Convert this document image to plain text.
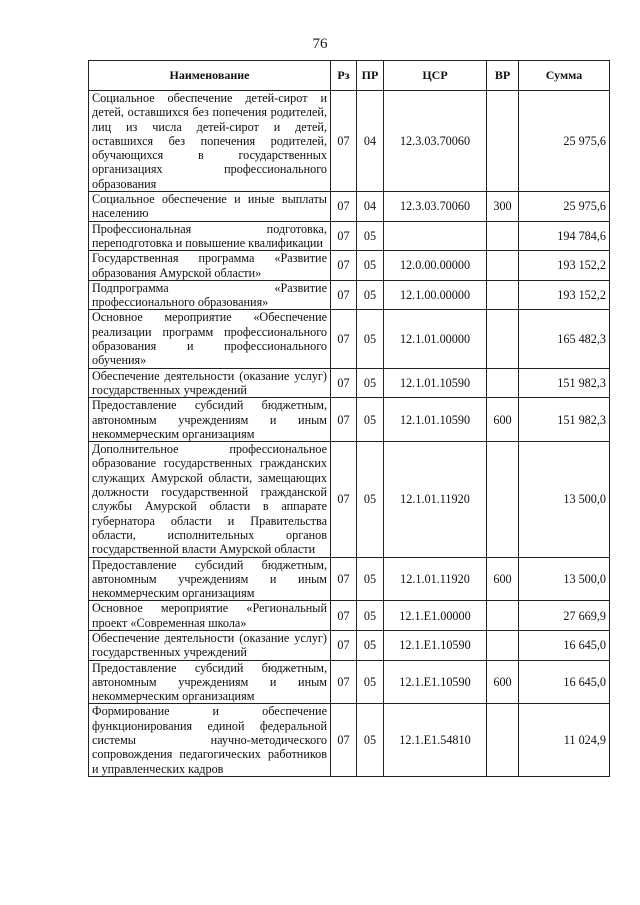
76
Наименование	Рз	ПР	ЦСР	ВР	Сумма
Социальное обеспечение детей-сирот и детей, оставшихся без попечения родителей, лиц из числа детей-сирот и детей, оставшихся без попечения родителей, обучающихся в государственных организациях профессионального образования	07	04	12.3.03.70060		25 975,6
Социальное обеспечение и иные выплаты населению	07	04	12.3.03.70060	300	25 975,6
Профессиональная подготовка, переподготовка и повышение квалификации	07	05			194 784,6
Государственная программа «Развитие образования Амурской области»	07	05	12.0.00.00000		193 152,2
Подпрограмма «Развитие профессионального образования»	07	05	12.1.00.00000		193 152,2
Основное мероприятие «Обеспечение реализации программ профессионального образования и профессионального обучения»	07	05	12.1.01.00000		165 482,3
Обеспечение деятельности (оказание услуг) государственных учреждений	07	05	12.1.01.10590		151 982,3
Предоставление субсидий бюджетным, автономным учреждениям и иным некоммерческим организациям	07	05	12.1.01.10590	600	151 982,3
Дополнительное профессиональное образование государственных гражданских служащих Амурской области, замещающих должности государственной гражданской службы Амурской области в аппарате губернатора области и Правительства области, исполнительных органов государственной власти Амурской области	07	05	12.1.01.11920		13 500,0
Предоставление субсидий бюджетным, автономным учреждениям и иным некоммерческим организациям	07	05	12.1.01.11920	600	13 500,0
Основное мероприятие «Региональный проект «Современная школа»	07	05	12.1.E1.00000		27 669,9
Обеспечение деятельности (оказание услуг) государственных учреждений	07	05	12.1.E1.10590		16 645,0
Предоставление субсидий бюджетным, автономным учреждениям и иным некоммерческим организациям	07	05	12.1.E1.10590	600	16 645,0
Формирование и обеспечение функционирования единой федеральной системы научно-методического сопровождения педагогических работников и управленческих кадров	07	05	12.1.E1.54810		11 024,9
